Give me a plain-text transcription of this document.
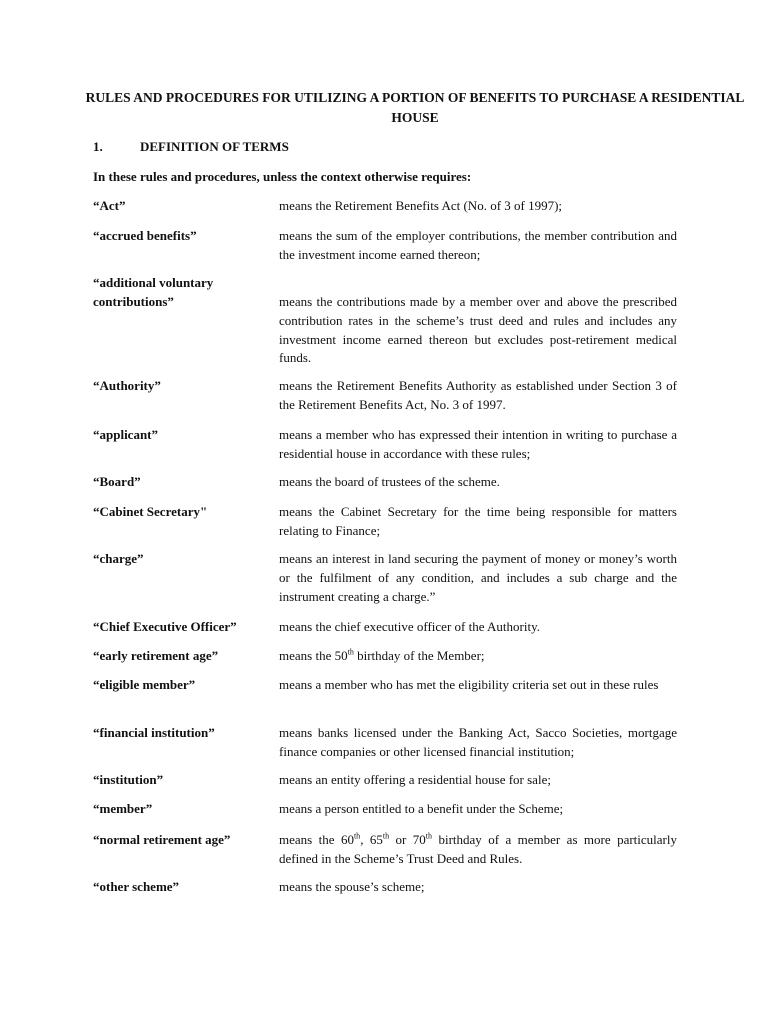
RULES AND PROCEDURES FOR UTILIZING A PORTION OF BENEFITS TO PURCHASE A RESIDENTIAL HOUSE
1.	DEFINITION OF TERMS
In these rules and procedures, unless the context otherwise requires:
“Act”	means the Retirement Benefits Act (No. of 3 of 1997);
“accrued benefits”	means the sum of the employer contributions, the member contribution and the investment income earned thereon;
“additional voluntary contributions”	means the contributions made by a member over and above the prescribed contribution rates in the scheme’s trust deed and rules and includes any investment income earned thereon but excludes post-retirement medical funds.
“Authority”	means the Retirement Benefits Authority as established under Section 3 of the Retirement Benefits Act, No. 3 of 1997.
“applicant”	means a member who has expressed their intention in writing to purchase a residential house in accordance with these rules;
“Board”	means the board of trustees of the scheme.
“Cabinet Secretary"	means the Cabinet Secretary for the time being responsible for matters relating to Finance;
“charge”	means an interest in land securing the payment of money or money’s worth or the fulfilment of any condition, and includes a sub charge and the instrument creating a charge.”
“Chief Executive Officer”	means the chief executive officer of the Authority.
“early retirement age”	means the 50th birthday of the Member;
“eligible member”	means a member who has met the eligibility criteria set out in these rules
“financial institution”	means banks licensed under the Banking Act, Sacco Societies, mortgage finance companies or other licensed financial institution;
“institution”	means an entity offering a residential house for sale;
“member”	means a person entitled to a benefit under the Scheme;
“normal retirement age”	means the 60th, 65th or 70th birthday of a member as more particularly defined in the Scheme’s Trust Deed and Rules.
“other scheme”	means the spouse’s scheme;
